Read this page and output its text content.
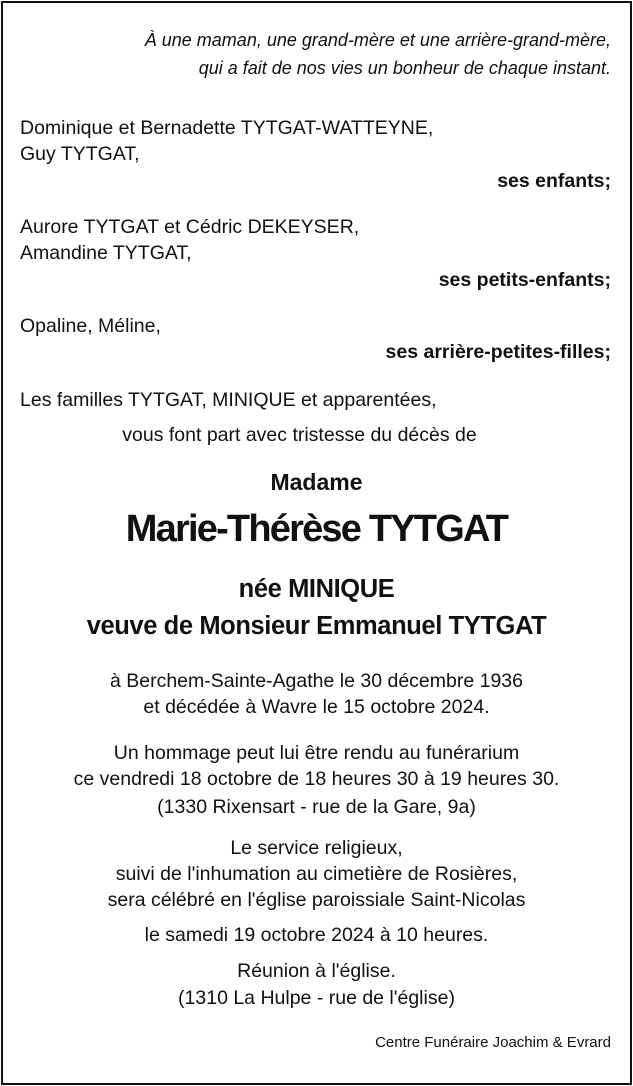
À une maman, une grand-mère et une arrière-grand-mère,

qui a fait de nos vies un bonheur de chaque instant.

Dominique et Bernadette TYTGAT-WATTEYNE,

Guy TYTGAT,

ses enfants;

Aurore TYTGAT et Cédric DEKEYSER,

Amandine TYTGAT,

ses petits-enfants;

Opaline, Méline,

ses arrière-petites-filles;

Les familles TYTGAT, MINIQUE et apparentées,

vous font part avec tristesse du décès de

Madame

Marie-Thérèse TYTGAT

née MINIQUE

veuve de Monsieur Emmanuel TYTGAT

à Berchem-Sainte-Agathe le 30 décembre 1936

et décédée à Wavre le 15 octobre 2024.

Un hommage peut lui être rendu au funérarium

ce vendredi 18 octobre de 18 heures 30 à 19 heures 30.

(1330 Rixensart - rue de la Gare, 9a)

Le service religieux,

suivi de l'inhumation au cimetière de Rosières,

sera célébré en l'église paroissiale Saint-Nicolas

le samedi 19 octobre 2024 à 10 heures.

Réunion à l'église.

(1310 La Hulpe - rue de l'église)

Centre Funéraire Joachim & Evrard
